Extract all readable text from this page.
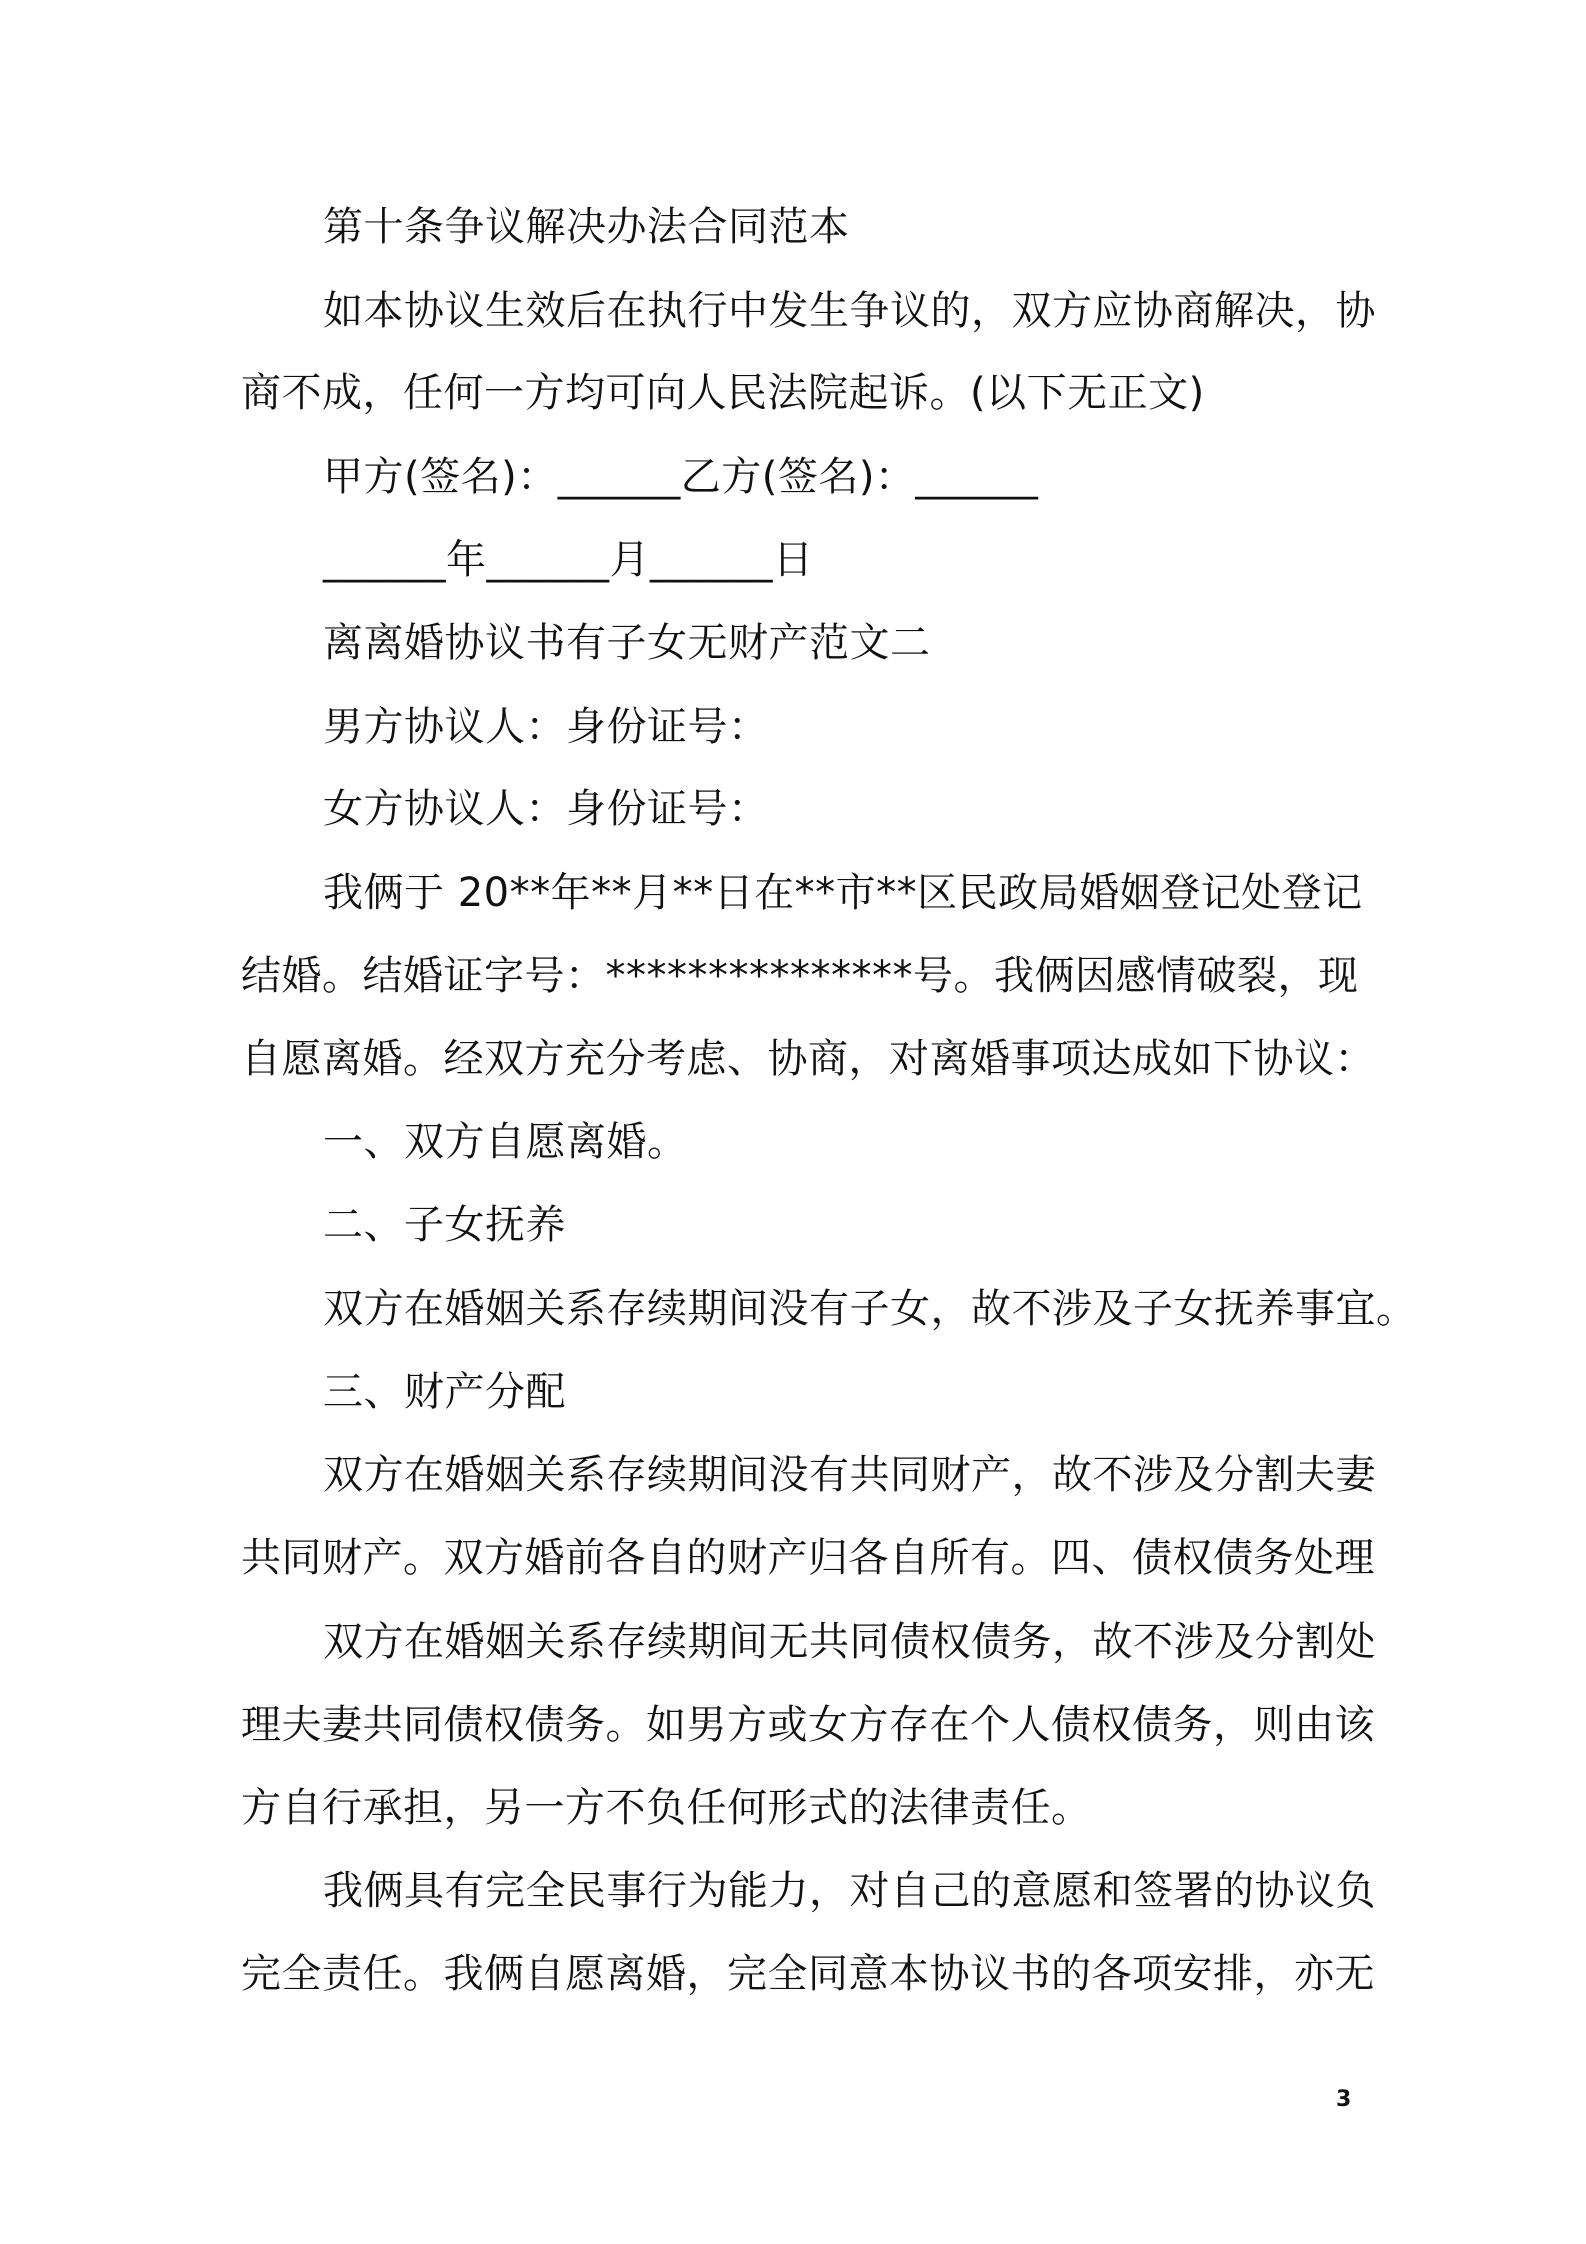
第十条争议解决办法合同范本
如本协议生效后在执行中发生争议的，双方应协商解决，协
商不成，任何一方均可向人民法院起诉。(以下无正文)
甲方(签名)：______乙方(签名)：______
______年______月______日
离离婚协议书有子女无财产范文二
男方协议人：身份证号：
女方协议人：身份证号：
我俩于 20**年**月**日在**市**区民政局婚姻登记处登记
结婚。结婚证字号：***************号。我俩因感情破裂，现
自愿离婚。经双方充分考虑、协商，对离婚事项达成如下协议：
一、双方自愿离婚。
二、子女抚养
双方在婚姻关系存续期间没有子女，故不涉及子女抚养事宜。
三、财产分配
双方在婚姻关系存续期间没有共同财产，故不涉及分割夫妻
共同财产。双方婚前各自的财产归各自所有。四、债权债务处理
双方在婚姻关系存续期间无共同债权债务，故不涉及分割处
理夫妻共同债权债务。如男方或女方存在个人债权债务，则由该
方自行承担，另一方不负任何形式的法律责任。
我俩具有完全民事行为能力，对自己的意愿和签署的协议负
完全责任。我俩自愿离婚，完全同意本协议书的各项安排，亦无
3
